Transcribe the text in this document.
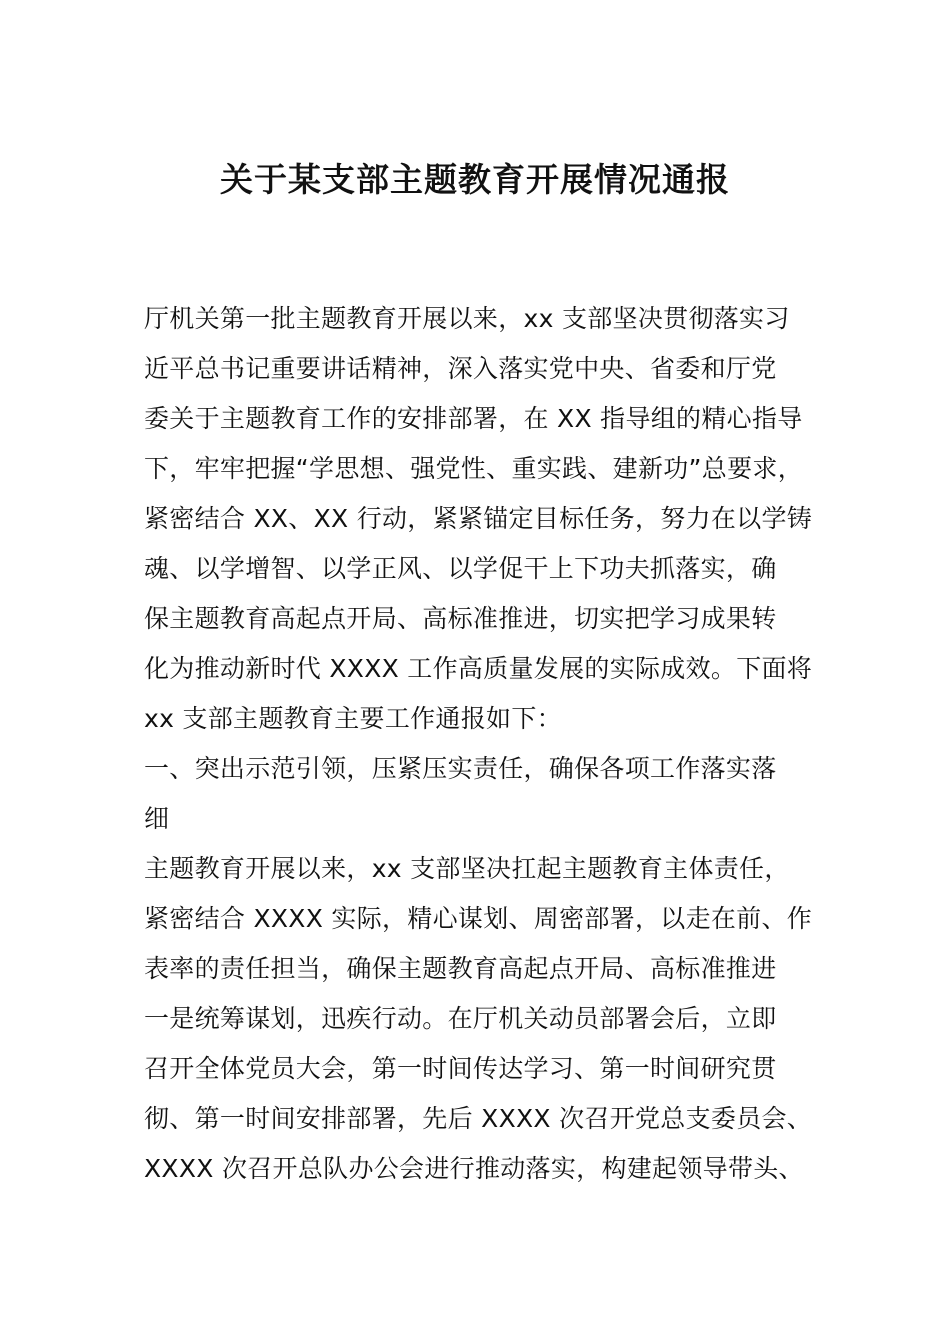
关于某支部主题教育开展情况通报
厅机关第一批主题教育开展以来，xx 支部坚决贯彻落实习
近平总书记重要讲话精神，深入落实党中央、省委和厅党
委关于主题教育工作的安排部署，在 XX 指导组的精心指导
下，牢牢把握“学思想、强党性、重实践、建新功”总要求，
紧密结合 XX、XX 行动，紧紧锚定目标任务，努力在以学铸
魂、以学增智、以学正风、以学促干上下功夫抓落实，确
保主题教育高起点开局、高标准推进，切实把学习成果转
化为推动新时代 XXXX 工作高质量发展的实际成效。下面将
xx 支部主题教育主要工作通报如下：
一、突出示范引领，压紧压实责任，确保各项工作落实落
细
主题教育开展以来，xx 支部坚决扛起主题教育主体责任，
紧密结合 XXXX 实际，精心谋划、周密部署，以走在前、作
表率的责任担当，确保主题教育高起点开局、高标准推进
一是统筹谋划，迅疾行动。在厅机关动员部署会后，立即
召开全体党员大会，第一时间传达学习、第一时间研究贯
彻、第一时间安排部署，先后 XXXX 次召开党总支委员会、
XXXX 次召开总队办公会进行推动落实，构建起领导带头、
